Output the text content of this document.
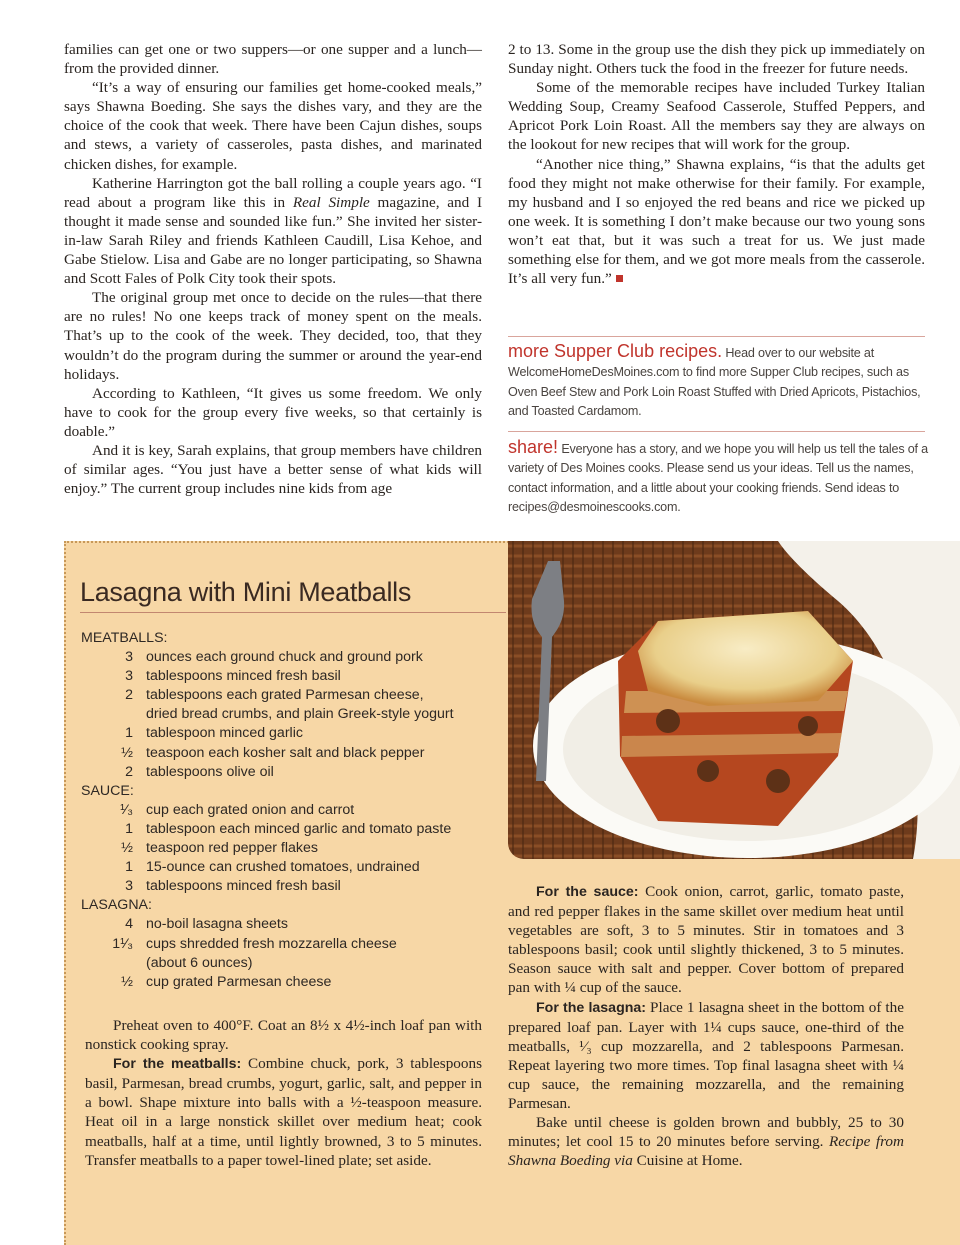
families can get one or two suppers—or one supper and a lunch—from the provided dinner.

“It’s a way of ensuring our families get home-cooked meals,” says Shawna Boeding. She says the dishes vary, and they are the choice of the cook that week. There have been Cajun dishes, soups and stews, a variety of casseroles, pasta dishes, and marinated chicken dishes, for example.

Katherine Harrington got the ball rolling a couple years ago. “I read about a program like this in Real Simple magazine, and I thought it made sense and sounded like fun.” She invited her sister-in-law Sarah Riley and friends Kathleen Caudill, Lisa Kehoe, and Gabe Stielow. Lisa and Gabe are no longer participating, so Shawna and Scott Fales of Polk City took their spots.

The original group met once to decide on the rules—that there are no rules! No one keeps track of money spent on the meals. That’s up to the cook of the week. They decided, too, that they wouldn’t do the program during the summer or around the year-end holidays.

According to Kathleen, “It gives us some freedom. We only have to cook for the group every five weeks, so that certainly is doable.”

And it is key, Sarah explains, that group members have children of similar ages. “You just have a better sense of what kids will enjoy.” The current group includes nine kids from age

2 to 13. Some in the group use the dish they pick up immediately on Sunday night. Others tuck the food in the freezer for future needs.

Some of the memorable recipes have included Turkey Italian Wedding Soup, Creamy Seafood Casserole, Stuffed Peppers, and Apricot Pork Loin Roast. All the members say they are always on the lookout for new recipes that will work for the group.

“Another nice thing,” Shawna explains, “is that the adults get food they might not make otherwise for their family. For example, my husband and I so enjoyed the red beans and rice we picked up one week. It is something I don’t make because our two young sons won’t eat that, but it was such a treat for us. We just made something else for them, and we got more meals from the casserole. It’s all very fun.”

more Supper Club recipes. Head over to our website at WelcomeHomeDesMoines.com to find more Supper Club recipes, such as Oven Beef Stew and Pork Loin Roast Stuffed with Dried Apricots, Pistachios, and Toasted Cardamom.
share! Everyone has a story, and we hope you will help us tell the tales of a variety of Des Moines cooks. Please send us your ideas. Tell us the names, contact information, and a little about your cooking friends. Send ideas to recipes@desmoinescooks.com.
Lasagna with Mini Meatballs
MEATBALLS:
3 ounces each ground chuck and ground pork
3 tablespoons minced fresh basil
2 tablespoons each grated Parmesan cheese,
dried bread crumbs, and plain Greek-style yogurt
1 tablespoon minced garlic
½ teaspoon each kosher salt and black pepper
2 tablespoons olive oil
SAUCE:
¹⁄₃ cup each grated onion and carrot
1 tablespoon each minced garlic and tomato paste
½ teaspoon red pepper flakes
1 15-ounce can crushed tomatoes, undrained
3 tablespoons minced fresh basil
LASAGNA:
4 no-boil lasagna sheets
1¹⁄₃ cups shredded fresh mozzarella cheese
(about 6 ounces)
½ cup grated Parmesan cheese

Preheat oven to 400°F. Coat an 8½ x 4½-inch loaf pan with nonstick cooking spray.

For the meatballs: Combine chuck, pork, 3 tablespoons basil, Parmesan, bread crumbs, yogurt, garlic, salt, and pepper in a bowl. Shape mixture into balls with a ½-teaspoon measure. Heat oil in a large nonstick skillet over medium heat; cook meatballs, half at a time, until lightly browned, 3 to 5 minutes. Transfer meatballs to a paper towel-lined plate; set aside.

For the sauce: Cook onion, carrot, garlic, tomato paste, and red pepper flakes in the same skillet over medium heat until vegetables are soft, 3 to 5 minutes. Stir in tomatoes and 3 tablespoons basil; cook until slightly thickened, 3 to 5 minutes. Season sauce with salt and pepper. Cover bottom of prepared pan with ¼ cup of the sauce.

For the lasagna: Place 1 lasagna sheet in the bottom of the prepared loaf pan. Layer with 1¼ cups sauce, one-third of the meatballs, ¹⁄₃ cup mozzarella, and 2 tablespoons Parmesan. Repeat layering two more times. Top final lasagna sheet with ¼ cup sauce, the remaining mozzarella, and the remaining Parmesan.

Bake until cheese is golden brown and bubbly, 25 to 30 minutes; let cool 15 to 20 minutes before serving. Recipe from Shawna Boeding via Cuisine at Home.
